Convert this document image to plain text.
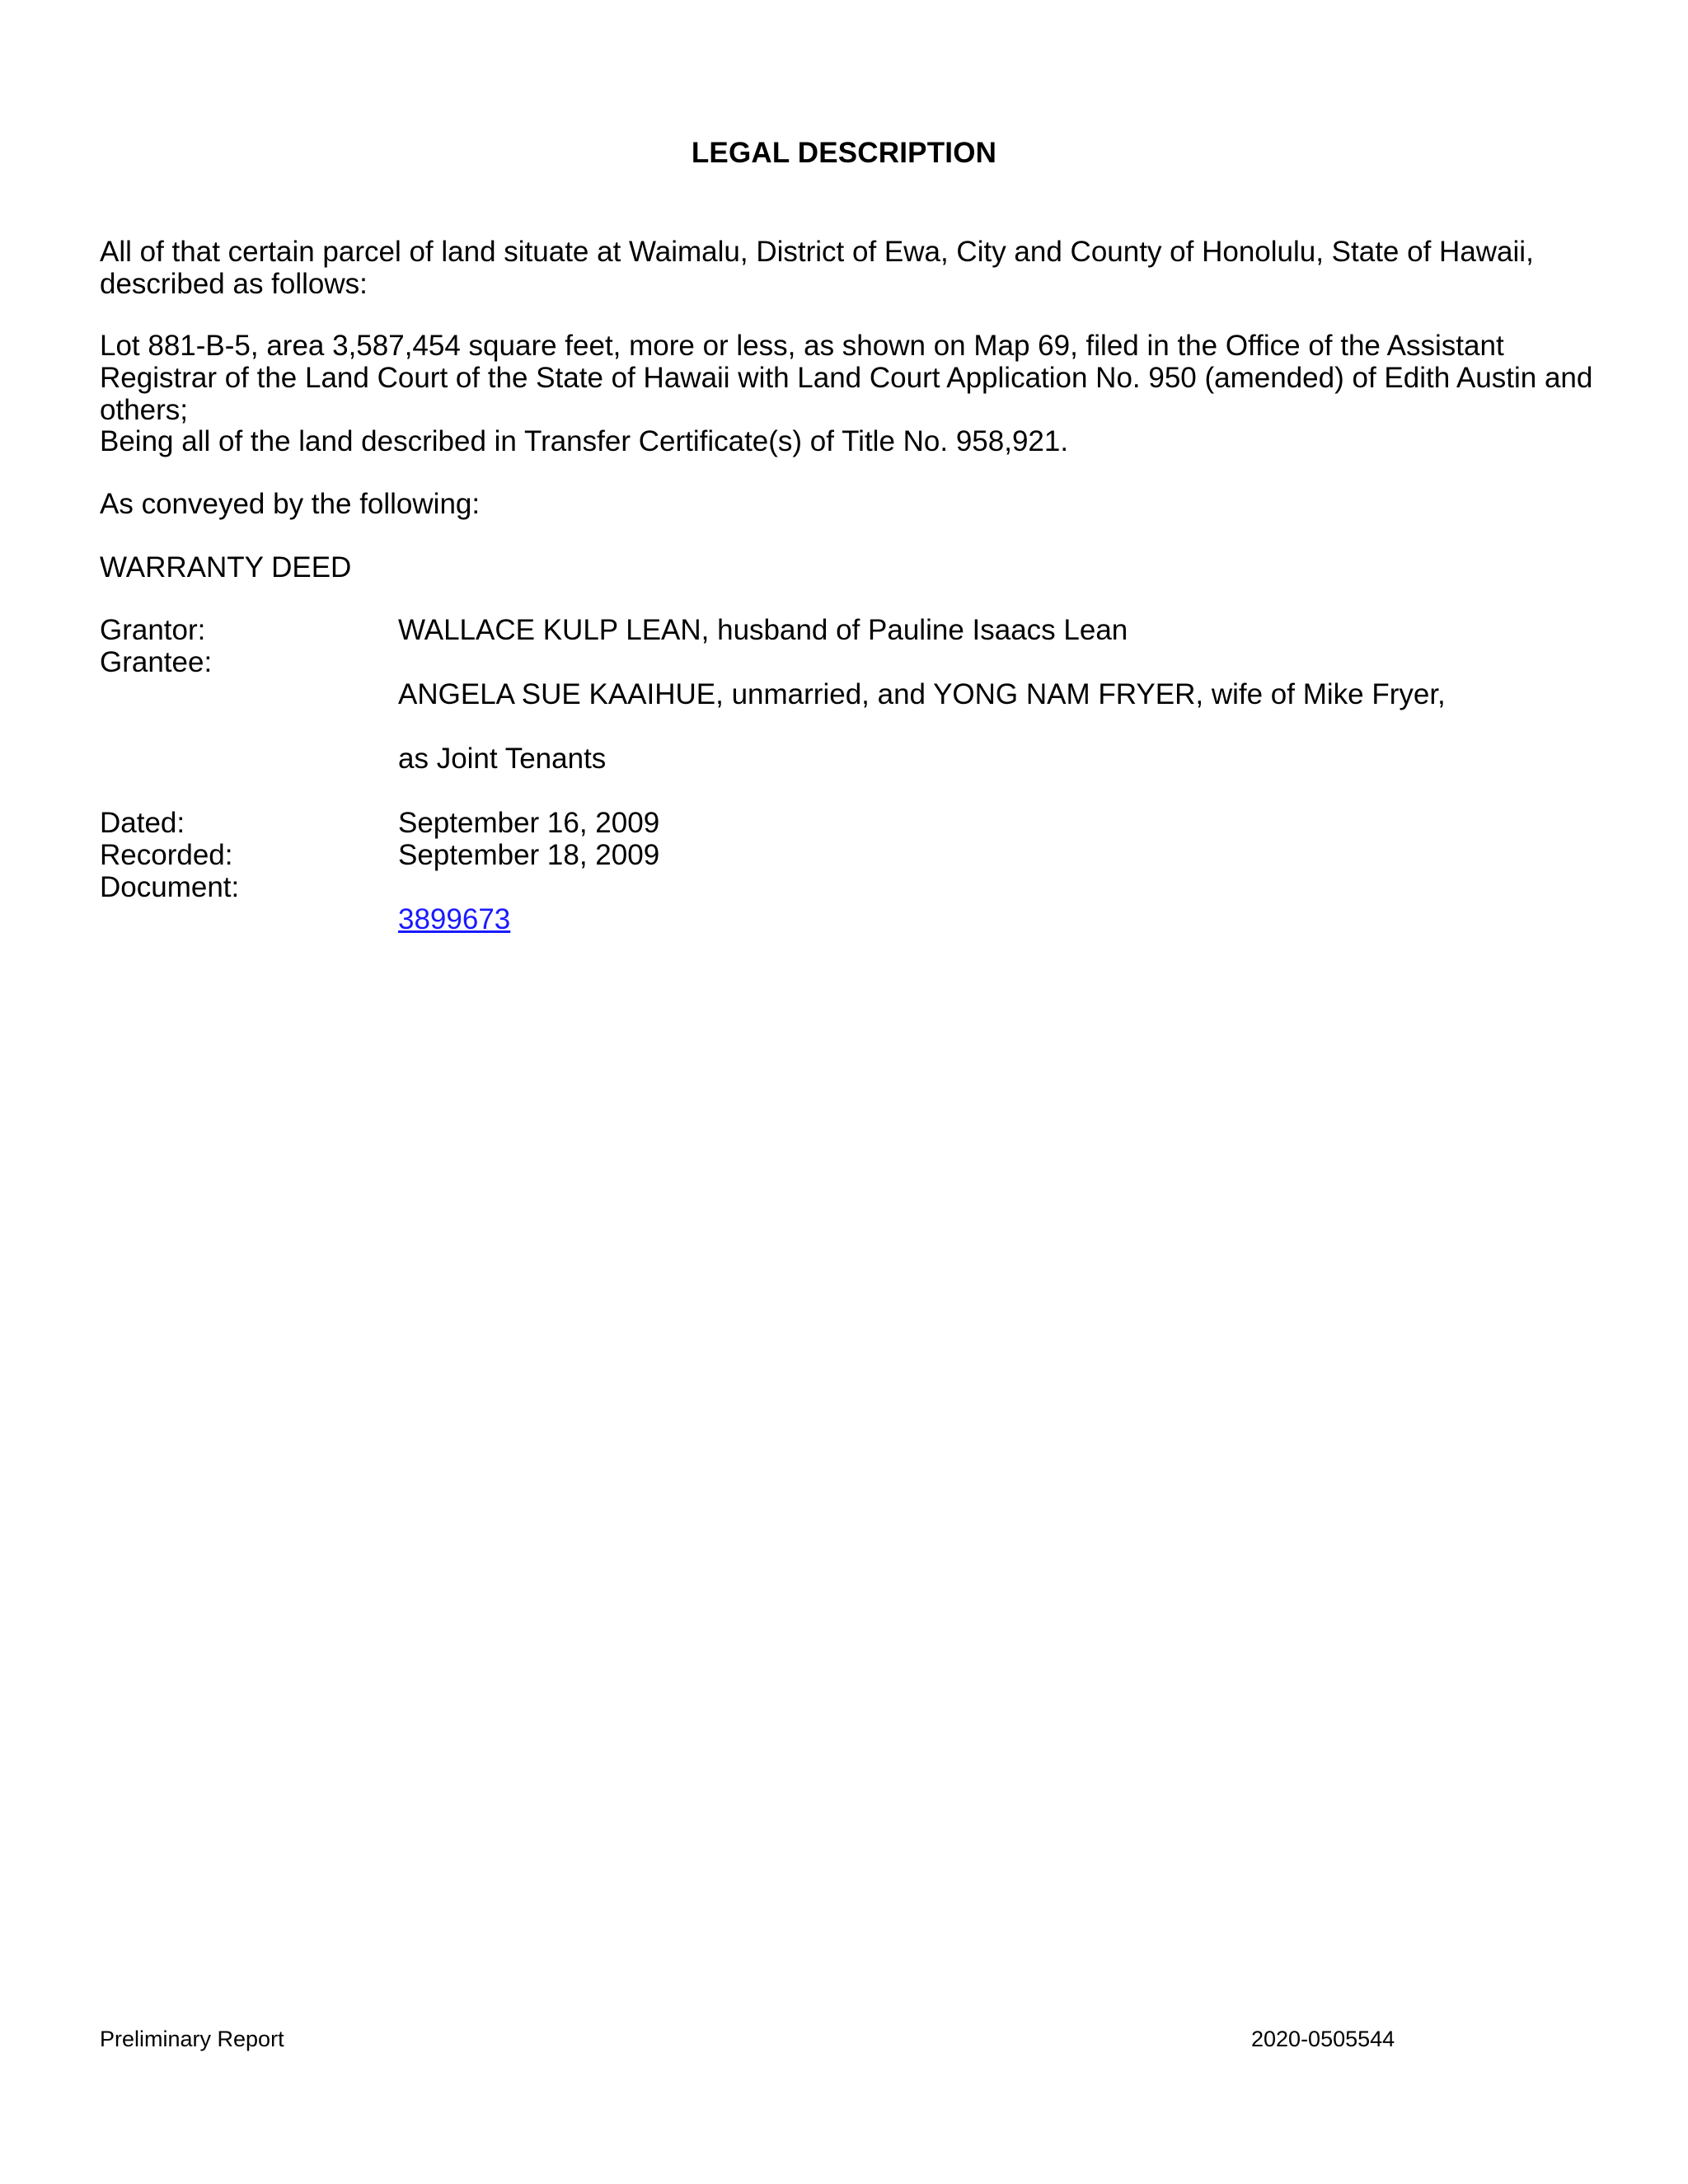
LEGAL DESCRIPTION
All of that certain parcel of land situate at Waimalu, District of Ewa, City and County of Honolulu, State of Hawaii, described as follows:
Lot 881-B-5, area 3,587,454 square feet, more or less, as shown on Map 69, filed in the Office of the Assistant Registrar of the Land Court of the State of Hawaii with Land Court Application No. 950 (amended) of Edith Austin and others;
Being all of the land described in Transfer Certificate(s) of Title No. 958,921.
As conveyed by the following:
WARRANTY DEED
Grantor:	WALLACE KULP LEAN, husband of Pauline Isaacs Lean
Grantee:

ANGELA SUE KAAIHUE, unmarried, and YONG NAM FRYER, wife of Mike Fryer,

as Joint Tenants

Dated:	September 16, 2009
Recorded:	September 18, 2009
Document:

3899673

Preliminary Report	2020-0505544
